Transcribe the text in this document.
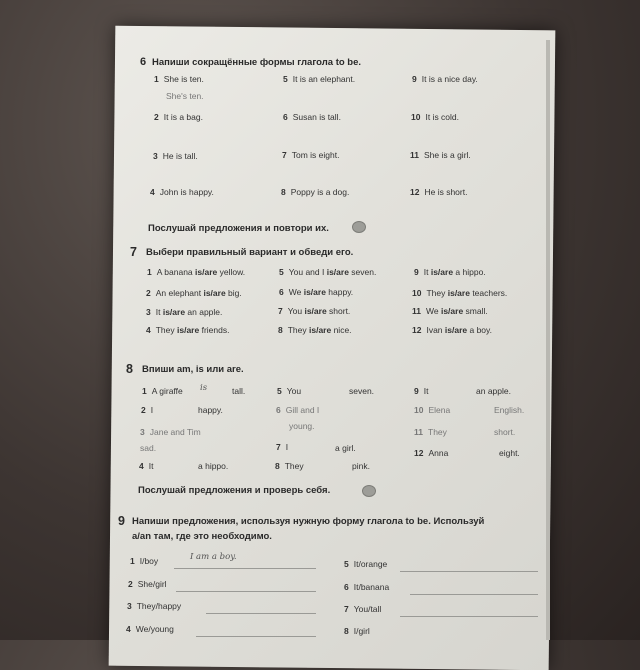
6 Напиши сокращённые формы глагола to be.
1 She is ten.
She's ten.
2 It is a bag.
3 He is tall.
4 John is happy.
5 It is an elephant.
6 Susan is tall.
7 Tom is eight.
8 Poppy is a dog.
9 It is a nice day.
10 It is cold.
11 She is a girl.
12 He is short.
Послушай предложения и повтори их.
7 Выбери правильный вариант и обведи его.
1 A banana is/are yellow.
2 An elephant is/are big.
3 It is/are an apple.
4 They is/are friends.
5 You and I is/are seven.
6 We is/are happy.
7 You is/are short.
8 They is/are nice.
9 It is/are a hippo.
10 They is/are teachers.
11 We is/are small.
12 Ivan is/are a boy.
8 Впиши am, is или are.
1 A giraffe is	tall.
2 I	happy.
3 Jane and Tim
sad.
4 It	a hippo.
5 You	seven.
6 Gill and I
young.
7 I	a girl.
8 They	pink.
9 It	an apple.
10 Elena	English.
11 They	short.
12 Anna	eight.
Послушай предложения и проверь себя.
9 Напиши предложения, используя нужную форму глагола to be. Используй
a/an там, где это необходимо.
1 I/boy	I am a boy.
2 She/girl
3 They/happy
4 We/young
5 It/orange
6 It/banana
7 You/tall
8 I/girl
